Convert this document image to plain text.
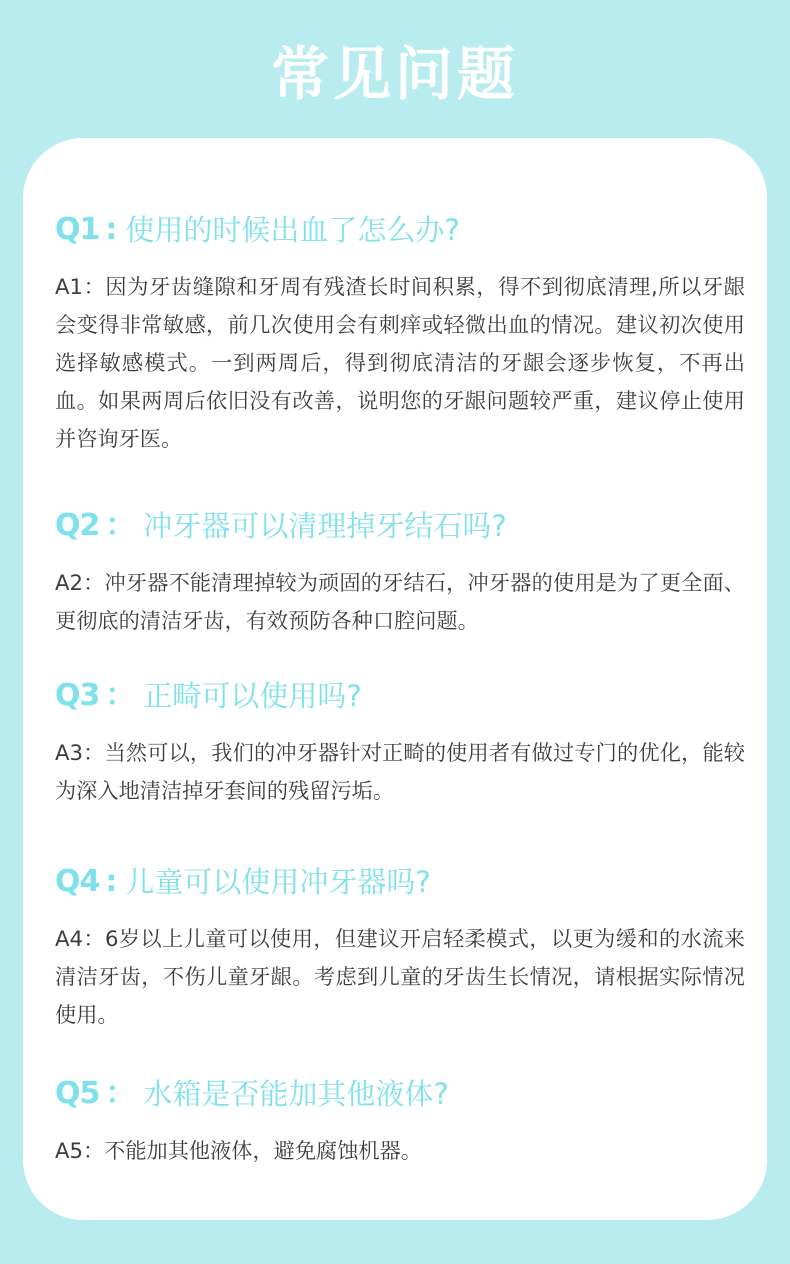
常见问题
Q1 : 使用的时候出血了怎么办?
A1：因为牙齿缝隙和牙周有残渣长时间积累，得不到彻底清理,所以牙龈会变得非常敏感，前几次使用会有刺痒或轻微出血的情况。建议初次使用选择敏感模式。一到两周后，得到彻底清洁的牙龈会逐步恢复，不再出血。如果两周后依旧没有改善，说明您的牙龈问题较严重，建议停止使用并咨询牙医。
Q2 ： 冲牙器可以清理掉牙结石吗?
A2：冲牙器不能清理掉较为顽固的牙结石，冲牙器的使用是为了更全面、更彻底的清洁牙齿，有效预防各种口腔问题。
Q3 ： 正畸可以使用吗?
A3：当然可以，我们的冲牙器针对正畸的使用者有做过专门的优化，能较为深入地清洁掉牙套间的残留污垢。
Q4 : 儿童可以使用冲牙器吗?
A4：6岁以上儿童可以使用，但建议开启轻柔模式，以更为缓和的水流来清洁牙齿，不伤儿童牙龈。考虑到儿童的牙齿生长情况，请根据实际情况使用。
Q5 ： 水箱是否能加其他液体?
A5：不能加其他液体，避免腐蚀机器。
